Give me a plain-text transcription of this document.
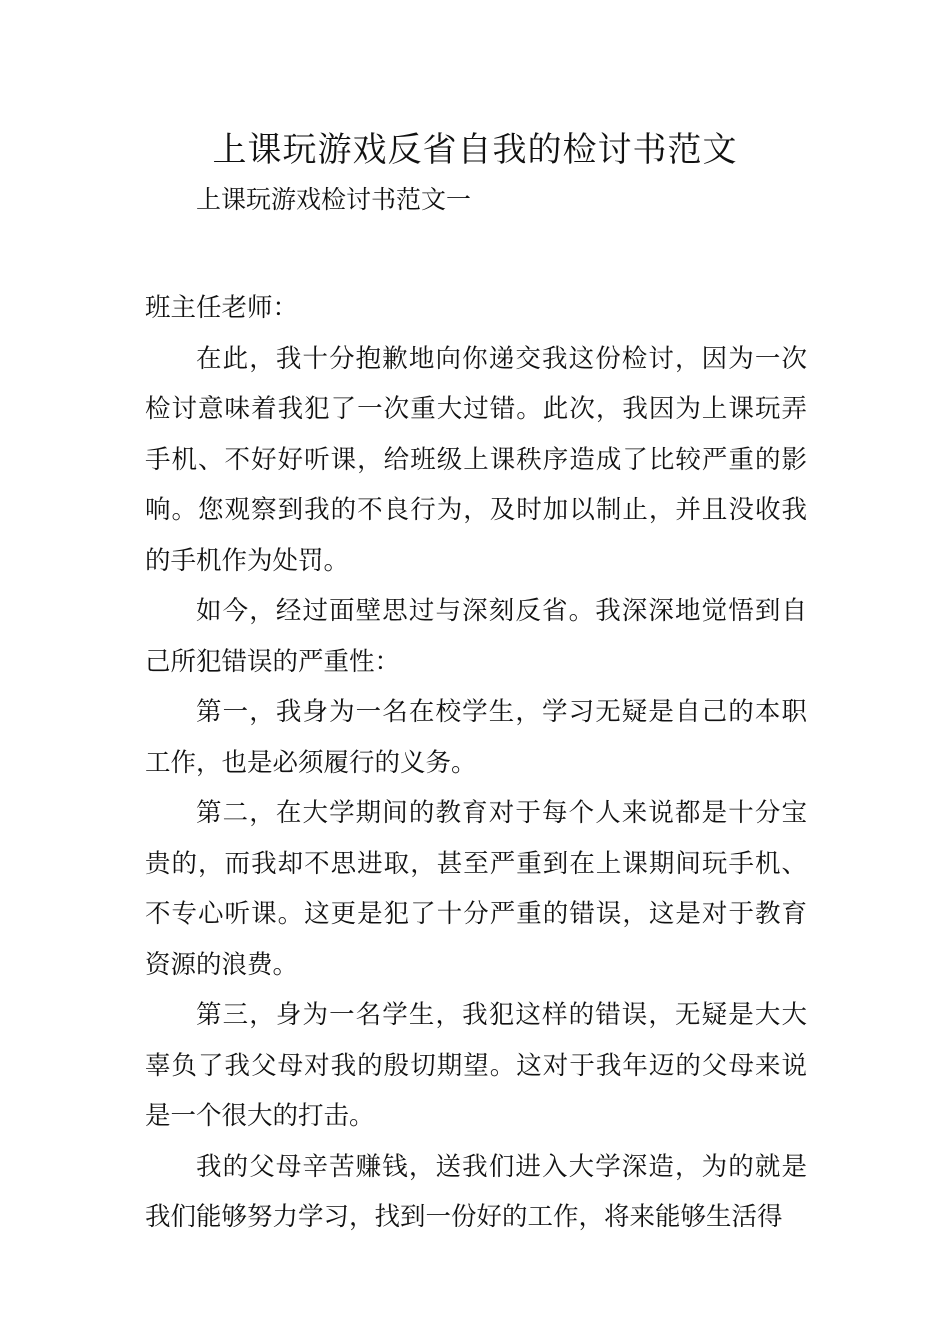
上课玩游戏反省自我的检讨书范文

上课玩游戏检讨书范文一

班主任老师：

在此，我十分抱歉地向你递交我这份检讨，因为一次检讨意味着我犯了一次重大过错。此次，我因为上课玩弄手机、不好好听课，给班级上课秩序造成了比较严重的影响。您观察到我的不良行为，及时加以制止，并且没收我的手机作为处罚。

如今，经过面壁思过与深刻反省。我深深地觉悟到自己所犯错误的严重性：

第一，我身为一名在校学生，学习无疑是自己的本职工作，也是必须履行的义务。

第二，在大学期间的教育对于每个人来说都是十分宝贵的，而我却不思进取，甚至严重到在上课期间玩手机、不专心听课。这更是犯了十分严重的错误，这是对于教育资源的浪费。

第三，身为一名学生，我犯这样的错误，无疑是大大辜负了我父母对我的殷切期望。这对于我年迈的父母来说是一个很大的打击。

我的父母辛苦赚钱，送我们进入大学深造，为的就是我们能够努力学习，找到一份好的工作，将来能够生活得
